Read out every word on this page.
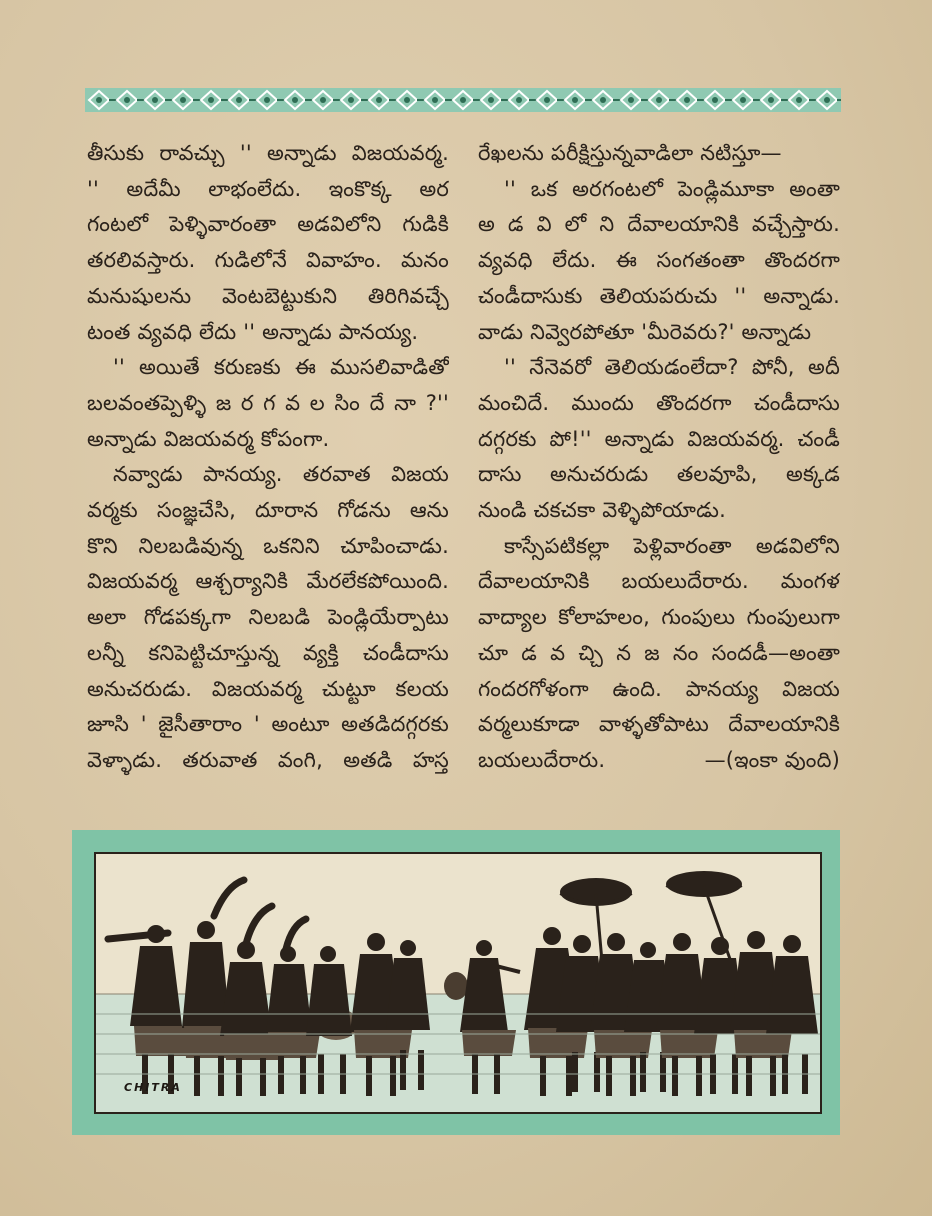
తీసుకు రావచ్చు '' అన్నాడు విజయవర్మ.
'' అదేమీ లాభంలేదు. ఇంకొక్క అర
గంటలో పెళ్ళివారంతా అడవిలోని గుడికి
తరలివస్తారు. గుడిలోనే వివాహం. మనం
మనుషులను వెంటబెట్టుకుని తిరిగివచ్చే
టంత వ్యవధి లేదు '' అన్నాడు పానయ్య.
'' అయితే కరుణకు ఈ ముసలివాడితో
బలవంతప్పెళ్ళి జ ర గ వ ల సిం దే నా ?''
అన్నాడు విజయవర్మ కోపంగా.
నవ్వాడు పానయ్య. తరవాత విజయ
వర్మకు సంజ్ఞచేసి, దూరాన గోడను ఆను
కొని నిలబడివున్న ఒకనిని చూపించాడు.
విజయవర్మ ఆశ్చర్యానికి మేరలేకపోయింది.
అలా గోడపక్కగా నిలబడి పెండ్లియేర్పాటు
లన్నీ కనిపెట్టిచూస్తున్న వ్యక్తి చండీదాసు
అనుచరుడు. విజయవర్మ చుట్టూ కలయ
జూసి ' జైసీతారాం ' అంటూ అతడిదగ్గరకు
వెళ్ళాడు. తరువాత వంగి, అతడి హస్త
రేఖలను పరీక్షిస్తున్నవాడిలా నటిస్తూ—
'' ఒక అరగంటలో పెండ్లిమూకా అంతా
అ డ వి లో ని దేవాలయానికి వచ్చేస్తారు.
వ్యవధి లేదు. ఈ సంగతంతా తొందరగా
చండీదాసుకు తెలియపరుచు '' అన్నాడు.
వాడు నివ్వెరపోతూ 'మీరెవరు?' అన్నాడు
'' నేనెవరో తెలియడంలేదా? పోనీ, అదీ
మంచిదే. ముందు తొందరగా చండీదాసు
దగ్గరకు పో!'' అన్నాడు విజయవర్మ. చండీ
దాసు అనుచరుడు తలవూపి, అక్కడ
నుండి చకచకా వెళ్ళిపోయాడు.
కాస్సేపటికల్లా పెళ్లివారంతా అడవిలోని
దేవాలయానికి బయలుదేరారు. మంగళ
వాద్యాల కోలాహలం, గుంపులు గుంపులుగా
చూ డ వ చ్చి న జ నం సందడీ—అంతా
గందరగోళంగా ఉంది. పానయ్య విజయ
వర్మలుకూడా వాళ్ళతోపాటు దేవాలయానికి
బయలుదేరారు.	—(ఇంకా వుంది)
CHITRA
